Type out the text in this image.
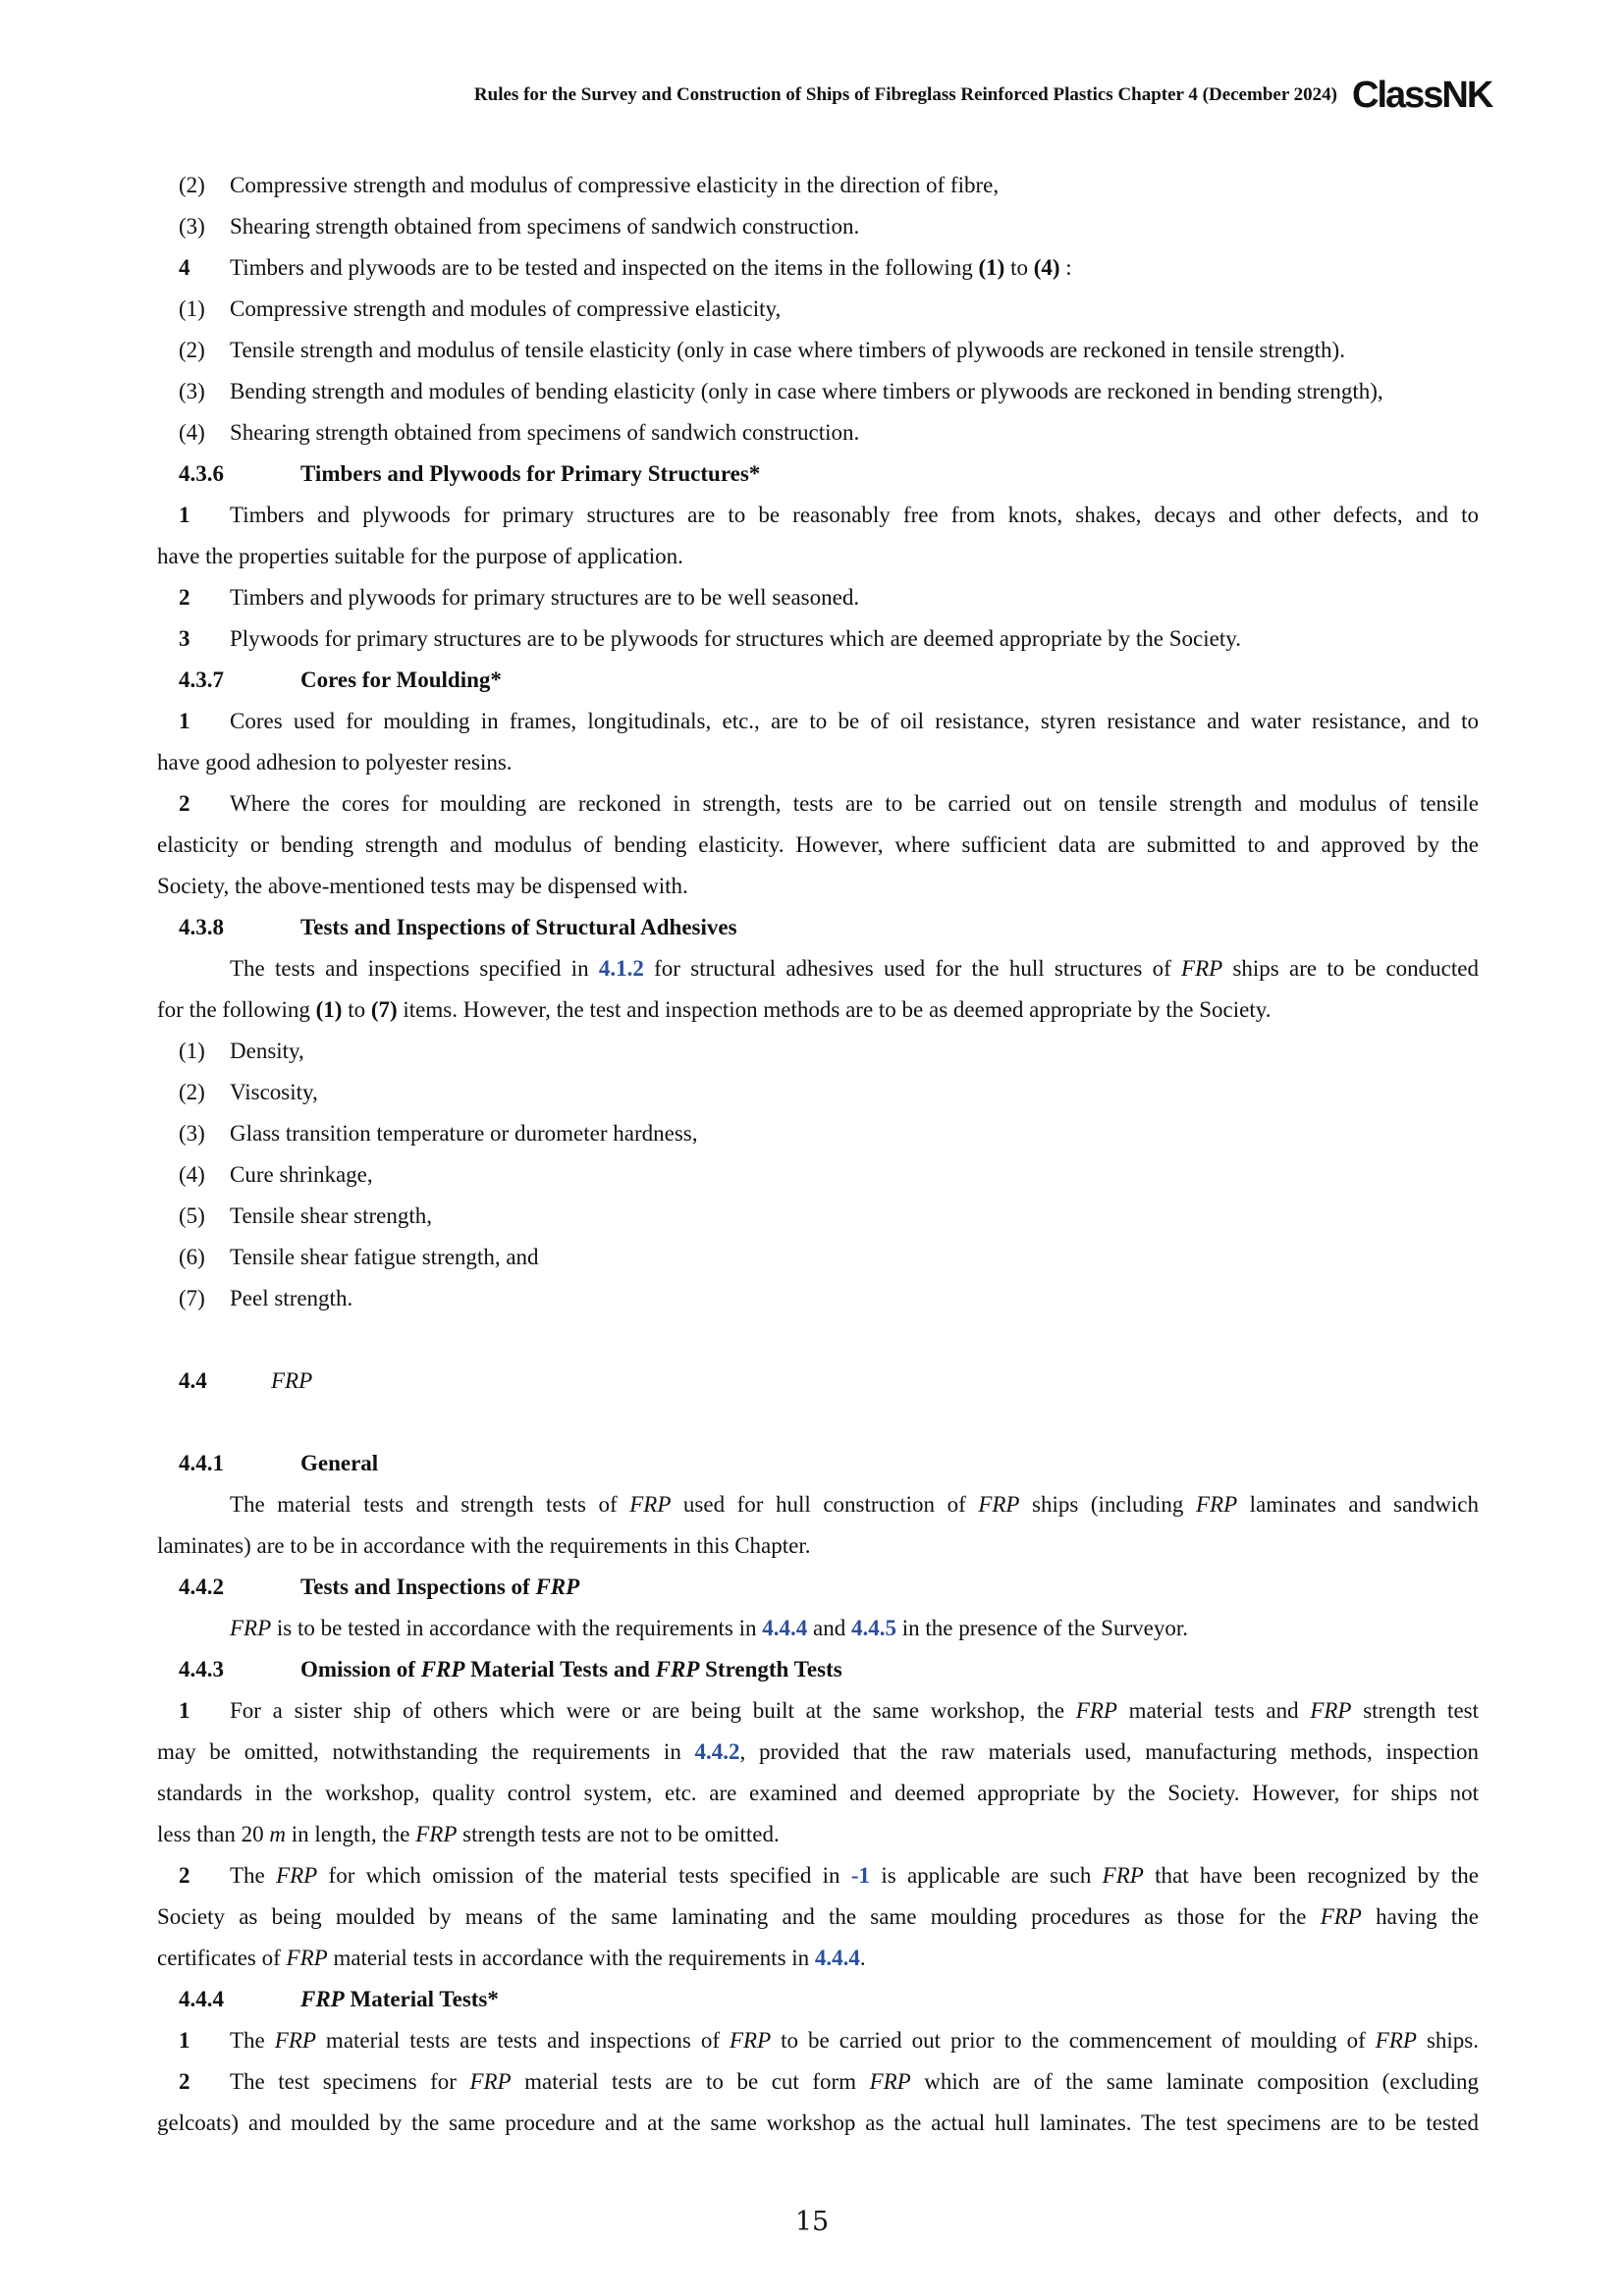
Rules for the Survey and Construction of Ships of Fibreglass Reinforced Plastics Chapter 4 (December 2024) ClassNK
(2) Compressive strength and modulus of compressive elasticity in the direction of fibre,
(3) Shearing strength obtained from specimens of sandwich construction.
4 Timbers and plywoods are to be tested and inspected on the items in the following (1) to (4) :
(1) Compressive strength and modules of compressive elasticity,
(2) Tensile strength and modulus of tensile elasticity (only in case where timbers of plywoods are reckoned in tensile strength).
(3) Bending strength and modules of bending elasticity (only in case where timbers or plywoods are reckoned in bending strength),
(4) Shearing strength obtained from specimens of sandwich construction.
4.3.6	Timbers and Plywoods for Primary Structures*
1 Timbers and plywoods for primary structures are to be reasonably free from knots, shakes, decays and other defects, and to
have the properties suitable for the purpose of application.
2 Timbers and plywoods for primary structures are to be well seasoned.
3 Plywoods for primary structures are to be plywoods for structures which are deemed appropriate by the Society.
4.3.7	Cores for Moulding*
1 Cores used for moulding in frames, longitudinals, etc., are to be of oil resistance, styren resistance and water resistance, and to
have good adhesion to polyester resins.
2 Where the cores for moulding are reckoned in strength, tests are to be carried out on tensile strength and modulus of tensile
elasticity or bending strength and modulus of bending elasticity. However, where sufficient data are submitted to and approved by the
Society, the above-mentioned tests may be dispensed with.
4.3.8	Tests and Inspections of Structural Adhesives
The tests and inspections specified in 4.1.2 for structural adhesives used for the hull structures of FRP ships are to be conducted
for the following (1) to (7) items. However, the test and inspection methods are to be as deemed appropriate by the Society.
(1) Density,
(2) Viscosity,
(3) Glass transition temperature or durometer hardness,
(4) Cure shrinkage,
(5) Tensile shear strength,
(6) Tensile shear fatigue strength, and
(7) Peel strength.
4.4	FRP
4.4.1	General
The material tests and strength tests of FRP used for hull construction of FRP ships (including FRP laminates and sandwich
laminates) are to be in accordance with the requirements in this Chapter.
4.4.2	Tests and Inspections of FRP
FRP is to be tested in accordance with the requirements in 4.4.4 and 4.4.5 in the presence of the Surveyor.
4.4.3	Omission of FRP Material Tests and FRP Strength Tests
1 For a sister ship of others which were or are being built at the same workshop, the FRP material tests and FRP strength test
may be omitted, notwithstanding the requirements in 4.4.2, provided that the raw materials used, manufacturing methods, inspection
standards in the workshop, quality control system, etc. are examined and deemed appropriate by the Society. However, for ships not
less than 20 m in length, the FRP strength tests are not to be omitted.
2 The FRP for which omission of the material tests specified in -1 is applicable are such FRP that have been recognized by the
Society as being moulded by means of the same laminating and the same moulding procedures as those for the FRP having the
certificates of FRP material tests in accordance with the requirements in 4.4.4.
4.4.4	FRP Material Tests*
1 The FRP material tests are tests and inspections of FRP to be carried out prior to the commencement of moulding of FRP ships.
2 The test specimens for FRP material tests are to be cut form FRP which are of the same laminate composition (excluding
gelcoats) and moulded by the same procedure and at the same workshop as the actual hull laminates. The test specimens are to be tested
15
